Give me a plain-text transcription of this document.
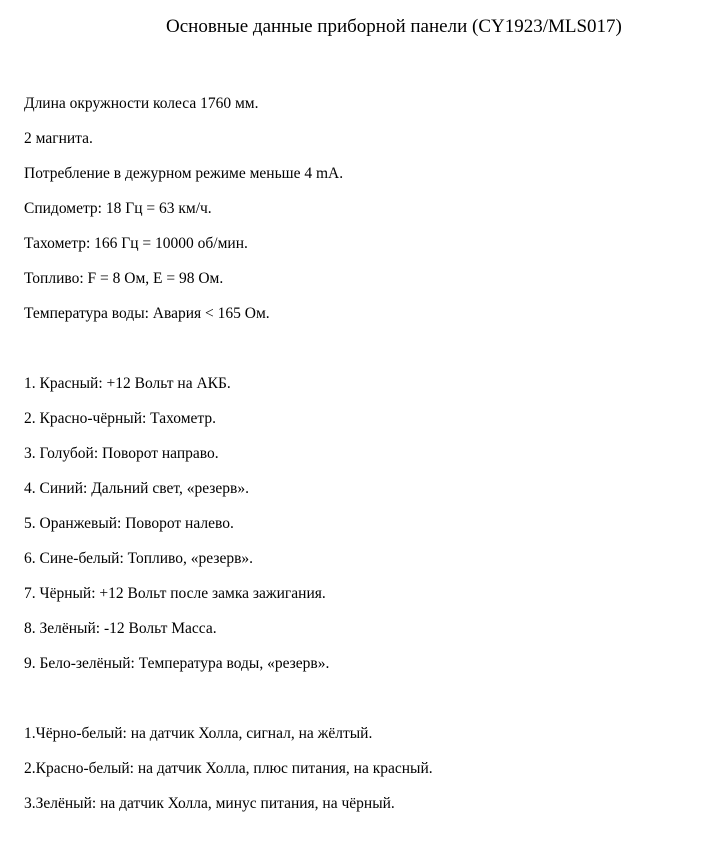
Основные данные приборной панели (CY1923/MLS017)
Длина окружности колеса 1760 мм.
2 магнита.
Потребление в дежурном режиме меньше 4 mA.
Спидометр: 18 Гц = 63 км/ч.
Тахометр: 166 Гц = 10000 об/мин.
Топливо: F = 8 Ом, E = 98 Ом.
Температура воды: Авария < 165 Ом.
1. Красный: +12 Вольт на АКБ.
2. Красно-чёрный: Тахометр.
3. Голубой: Поворот направо.
4. Синий: Дальний свет, «резерв».
5. Оранжевый: Поворот налево.
6. Сине-белый: Топливо, «резерв».
7. Чёрный: +12 Вольт после замка зажигания.
8. Зелёный: -12 Вольт Масса.
9. Бело-зелёный: Температура воды, «резерв».
1.Чёрно-белый: на датчик Холла, сигнал, на жёлтый.
2.Красно-белый: на датчик Холла, плюс питания, на красный.
3.Зелёный: на датчик Холла, минус питания, на чёрный.
